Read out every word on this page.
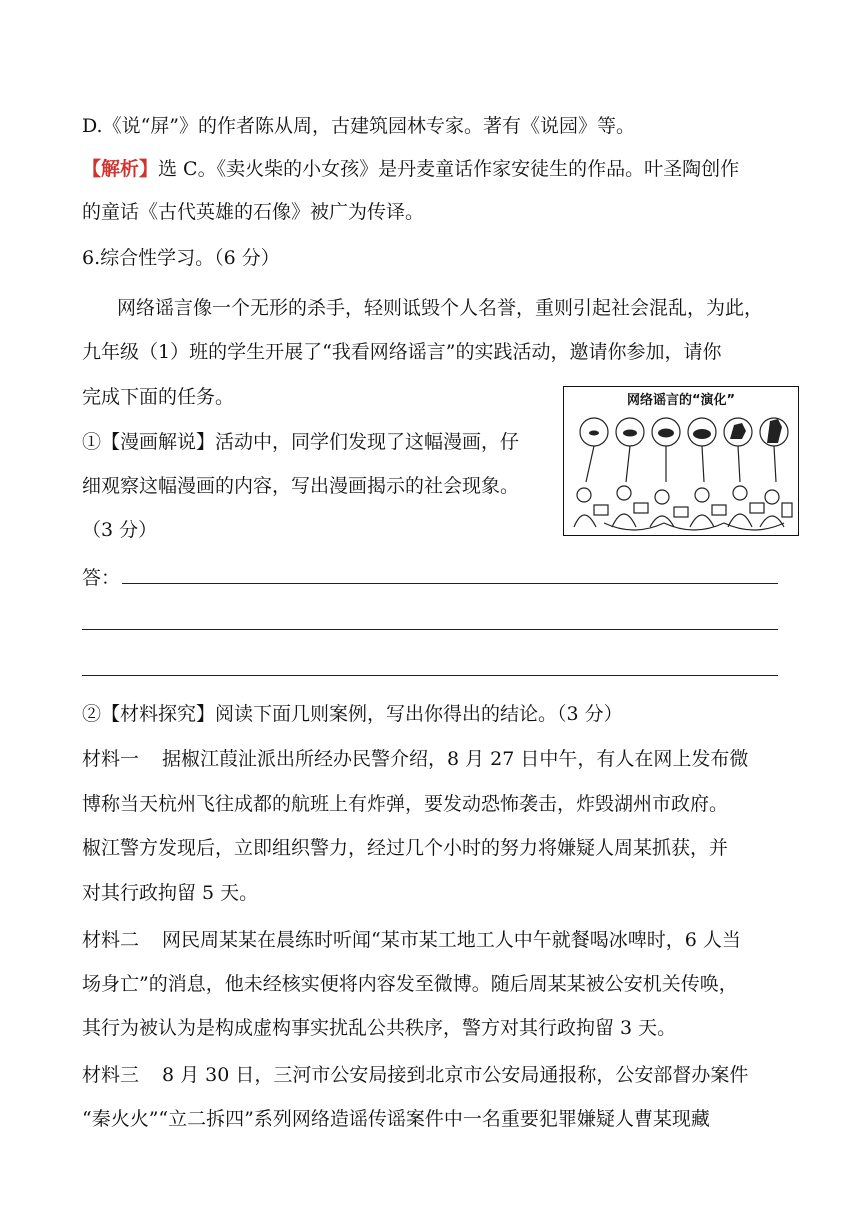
D.《说“屏”》的作者陈从周，古建筑园林专家。著有《说园》等。
【解析】选 C。《卖火柴的小女孩》是丹麦童话作家安徒生的作品。叶圣陶创作
的童话《古代英雄的石像》被广为传译。
6.综合性学习。（6 分）
网络谣言像一个无形的杀手，轻则诋毁个人名誉，重则引起社会混乱，为此，
九年级（1）班的学生开展了“我看网络谣言”的实践活动，邀请你参加，请你
完成下面的任务。
①【漫画解说】活动中，同学们发现了这幅漫画，仔
细观察这幅漫画的内容，写出漫画揭示的社会现象。
（3 分）
网络谣言的“演化”
答：
②【材料探究】阅读下面几则案例，写出你得出的结论。（3 分）
材料一 据椒江葭沚派出所经办民警介绍，8 月 27 日中午，有人在网上发布微
博称当天杭州飞往成都的航班上有炸弹，要发动恐怖袭击，炸毁湖州市政府。
椒江警方发现后，立即组织警力，经过几个小时的努力将嫌疑人周某抓获，并
对其行政拘留 5 天。
材料二 网民周某某在晨练时听闻“某市某工地工人中午就餐喝冰啤时，6 人当
场身亡”的消息，他未经核实便将内容发至微博。随后周某某被公安机关传唤，
其行为被认为是构成虚构事实扰乱公共秩序，警方对其行政拘留 3 天。
材料三 8 月 30 日，三河市公安局接到北京市公安局通报称，公安部督办案件
“秦火火”“立二拆四”系列网络造谣传谣案件中一名重要犯罪嫌疑人曹某现藏
